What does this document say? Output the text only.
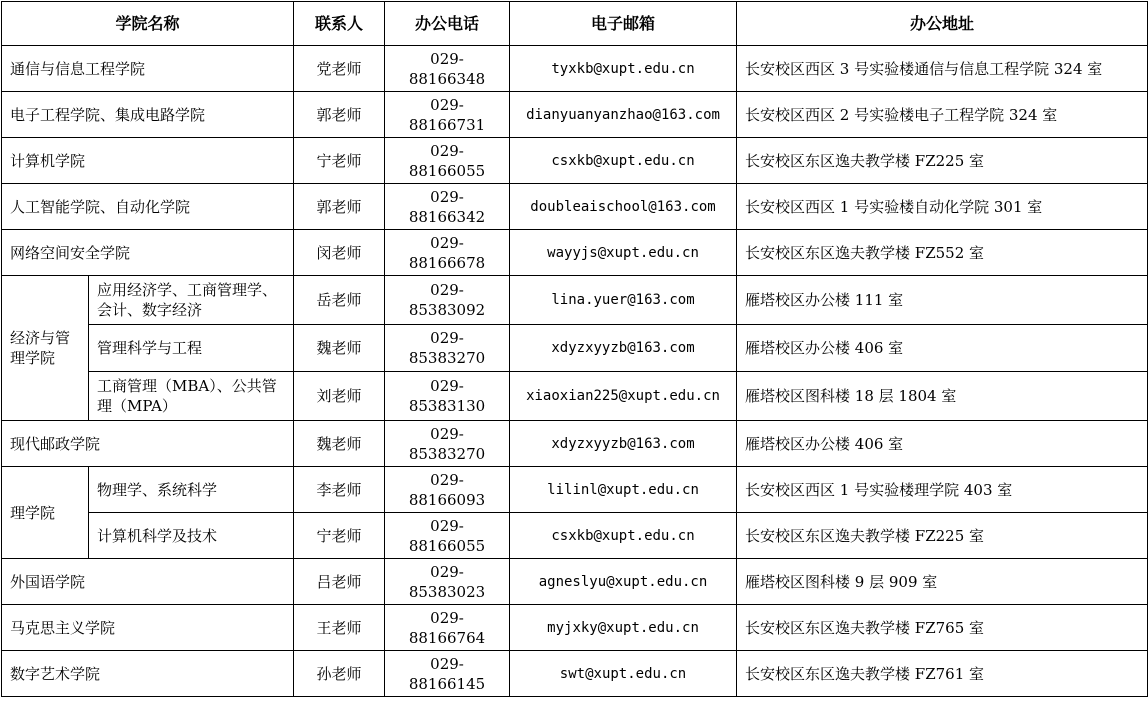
学院名称		联系人	办公电话	电子邮箱	办公地址
通信与信息工程学院		党老师	029-88166348	tyxkb@xupt.edu.cn	长安校区西区 3 号实验楼通信与信息工程学院 324 室
电子工程学院、集成电路学院		郭老师	029-88166731	dianyuanyanzhao@163.com	长安校区西区 2 号实验楼电子工程学院 324 室
计算机学院		宁老师	029-88166055	csxkb@xupt.edu.cn	长安校区东区逸夫教学楼 FZ225 室
人工智能学院、自动化学院		郭老师	029-88166342	doubleaischool@163.com	长安校区西区 1 号实验楼自动化学院 301 室
网络空间安全学院		闵老师	029-88166678	wayyjs@xupt.edu.cn	长安校区东区逸夫教学楼 FZ552 室
经济与管理学院	应用经济学、工商管理学、会计、数字经济	岳老师	029-85383092	lina.yuer@163.com	雁塔校区办公楼 111 室
	管理科学与工程	魏老师	029-85383270	xdyzxyyzb@163.com	雁塔校区办公楼 406 室
	工商管理（MBA）、公共管理（MPA）	刘老师	029-85383130	xiaoxian225@xupt.edu.cn	雁塔校区图科楼 18 层 1804 室
现代邮政学院		魏老师	029-85383270	xdyzxyyzb@163.com	雁塔校区办公楼 406 室
理学院	物理学、系统科学	李老师	029-88166093	lilinl@xupt.edu.cn	长安校区西区 1 号实验楼理学院 403 室
	计算机科学及技术	宁老师	029-88166055	csxkb@xupt.edu.cn	长安校区东区逸夫教学楼 FZ225 室
外国语学院		吕老师	029-85383023	agneslyu@xupt.edu.cn	雁塔校区图科楼 9 层 909 室
马克思主义学院		王老师	029-88166764	myjxky@xupt.edu.cn	长安校区东区逸夫教学楼 FZ765 室
数字艺术学院		孙老师	029-88166145	swt@xupt.edu.cn	长安校区东区逸夫教学楼 FZ761 室
